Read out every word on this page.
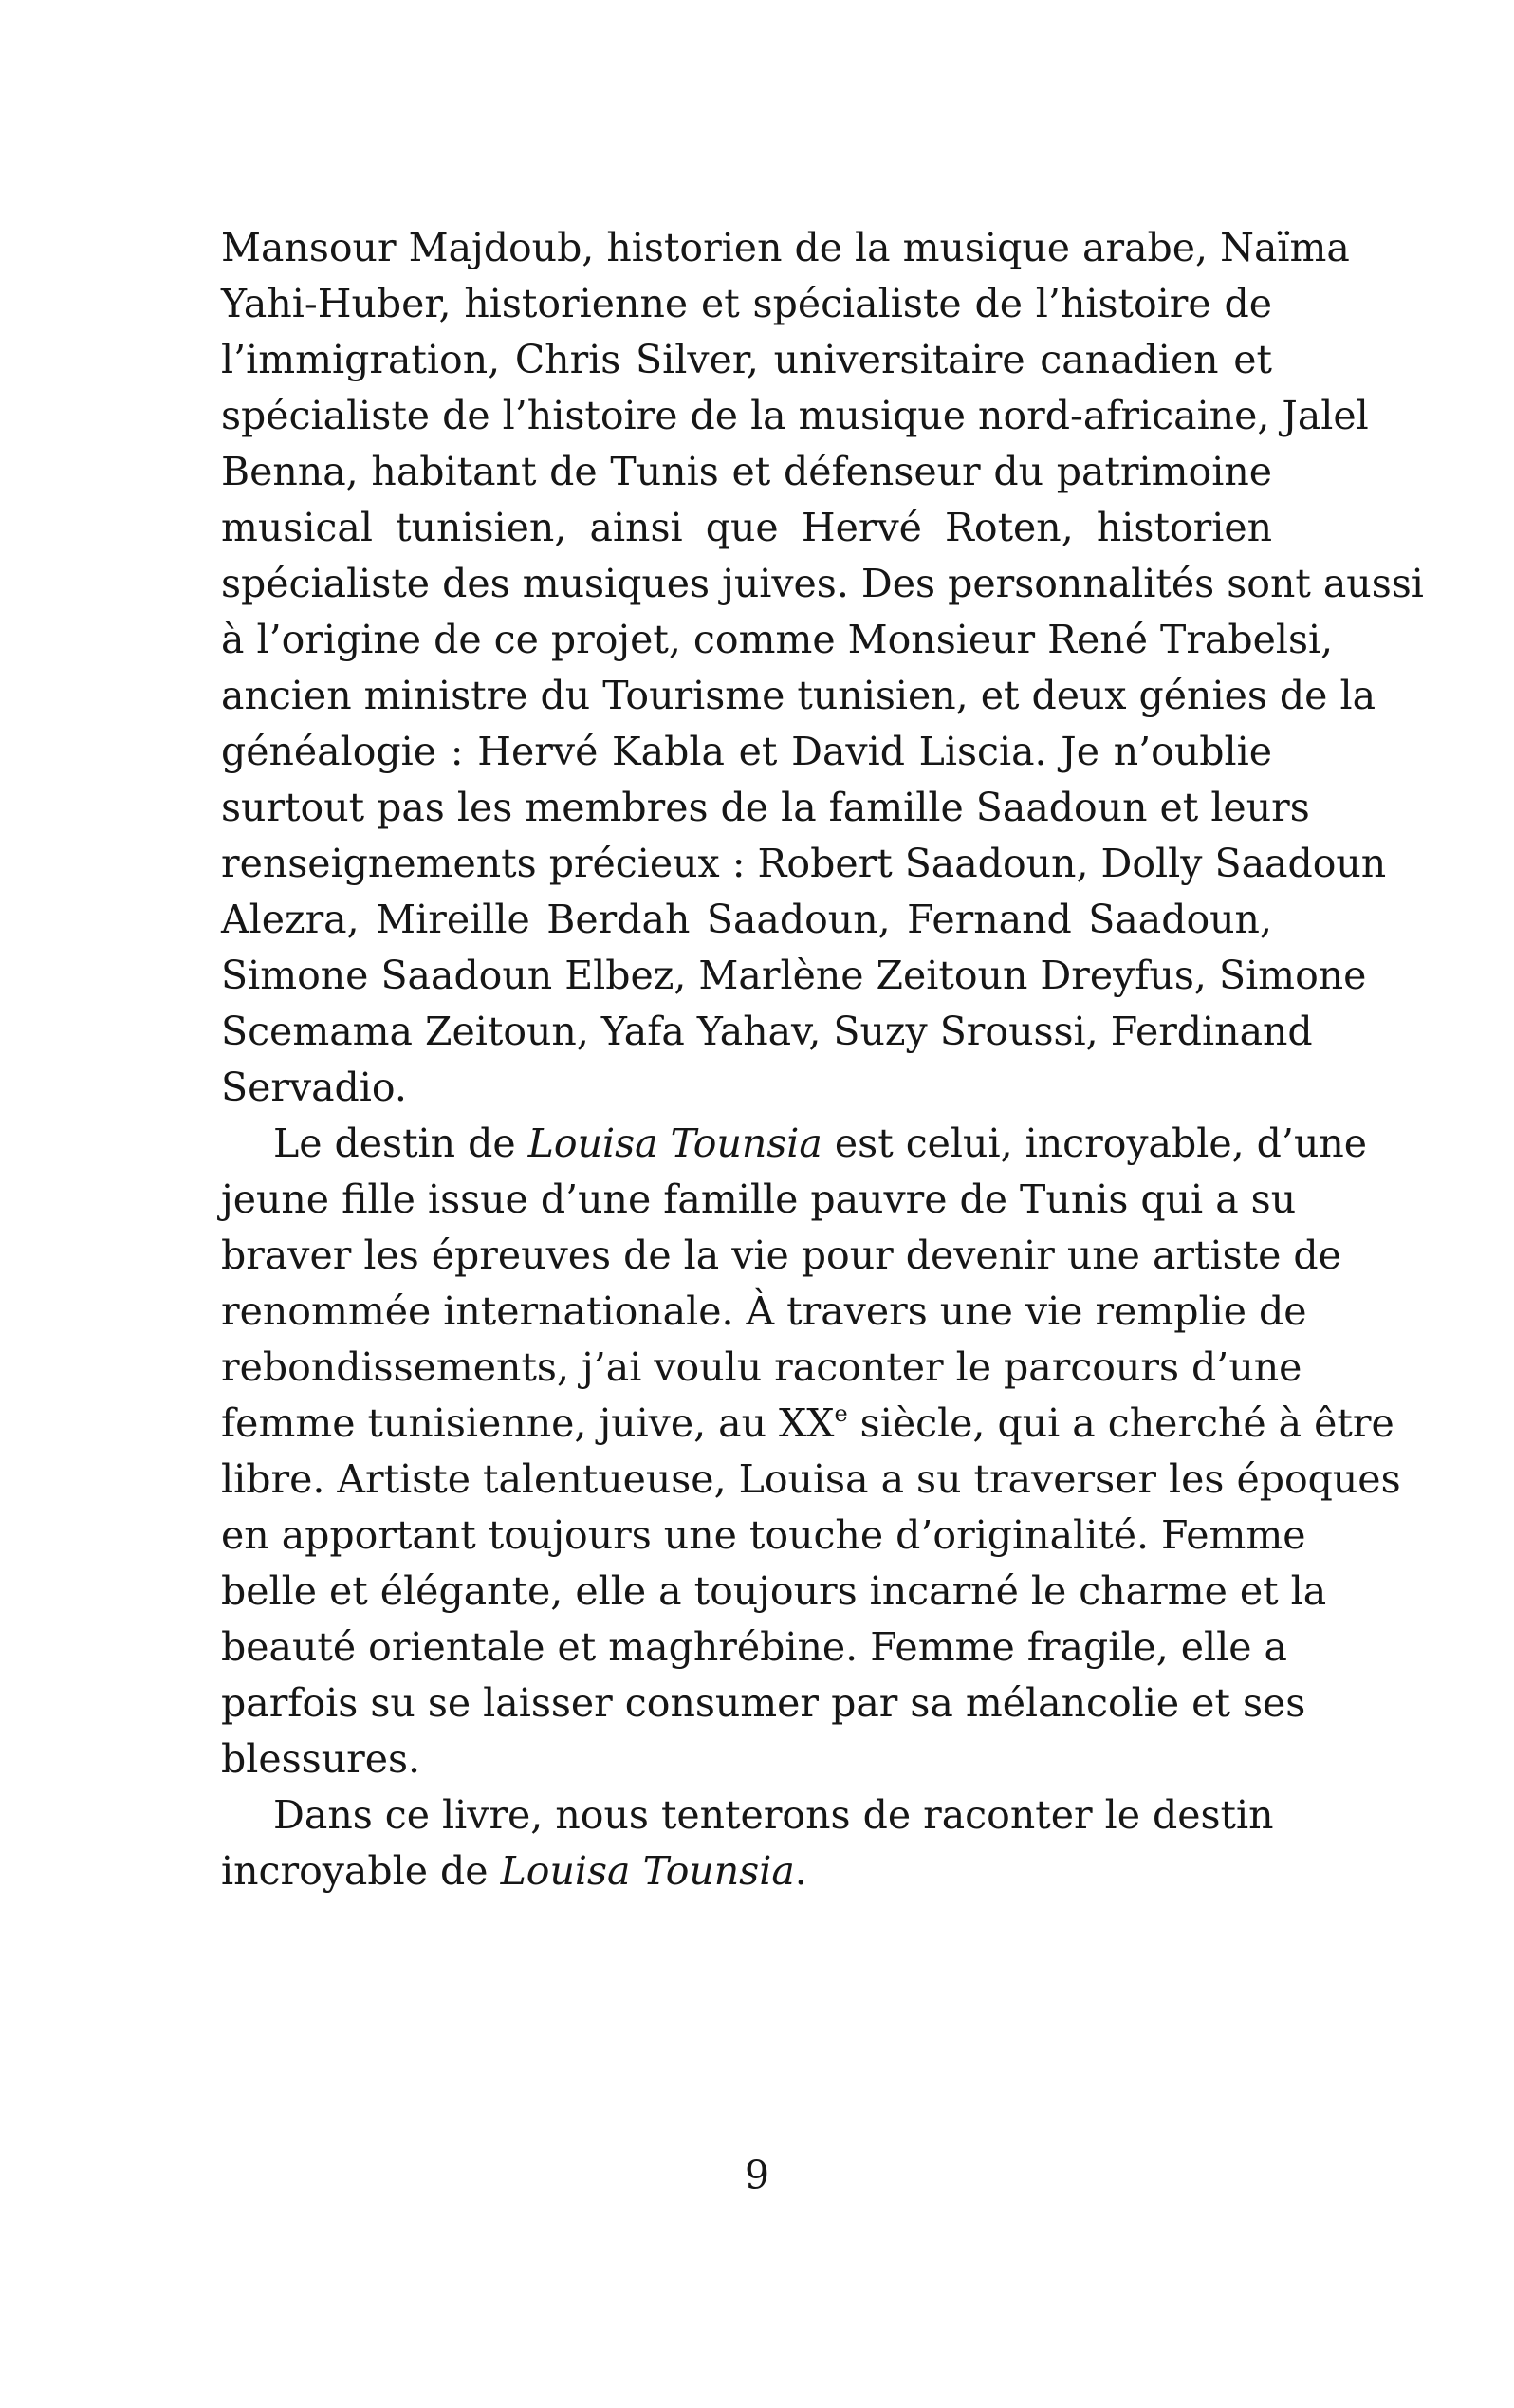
Mansour Majdoub, historien de la musique arabe, Naïma
Yahi-Huber, historienne et spécialiste de l’histoire de
l’immigration, Chris Silver, universitaire canadien et
spécialiste de l’histoire de la musique nord-africaine, Jalel
Benna, habitant de Tunis et défenseur du patrimoine
musical tunisien, ainsi que Hervé Roten, historien
spécialiste des musiques juives. Des personnalités sont aussi
à l’origine de ce projet, comme Monsieur René Trabelsi,
ancien ministre du Tourisme tunisien, et deux génies de la
généalogie : Hervé Kabla et David Liscia. Je n’oublie
surtout pas les membres de la famille Saadoun et leurs
renseignements précieux : Robert Saadoun, Dolly Saadoun
Alezra, Mireille Berdah Saadoun, Fernand Saadoun,
Simone Saadoun Elbez, Marlène Zeitoun Dreyfus, Simone
Scemama Zeitoun, Yafa Yahav, Suzy Sroussi, Ferdinand
Servadio.
Le destin de Louisa Tounsia est celui, incroyable, d’une
jeune fille issue d’une famille pauvre de Tunis qui a su
braver les épreuves de la vie pour devenir une artiste de
renommée internationale. À travers une vie remplie de
rebondissements, j’ai voulu raconter le parcours d’une
femme tunisienne, juive, au XXe siècle, qui a cherché à être
libre. Artiste talentueuse, Louisa a su traverser les époques
en apportant toujours une touche d’originalité. Femme
belle et élégante, elle a toujours incarné le charme et la
beauté orientale et maghrébine. Femme fragile, elle a
parfois su se laisser consumer par sa mélancolie et ses
blessures.
Dans ce livre, nous tenterons de raconter le destin
incroyable de Louisa Tounsia.
9
